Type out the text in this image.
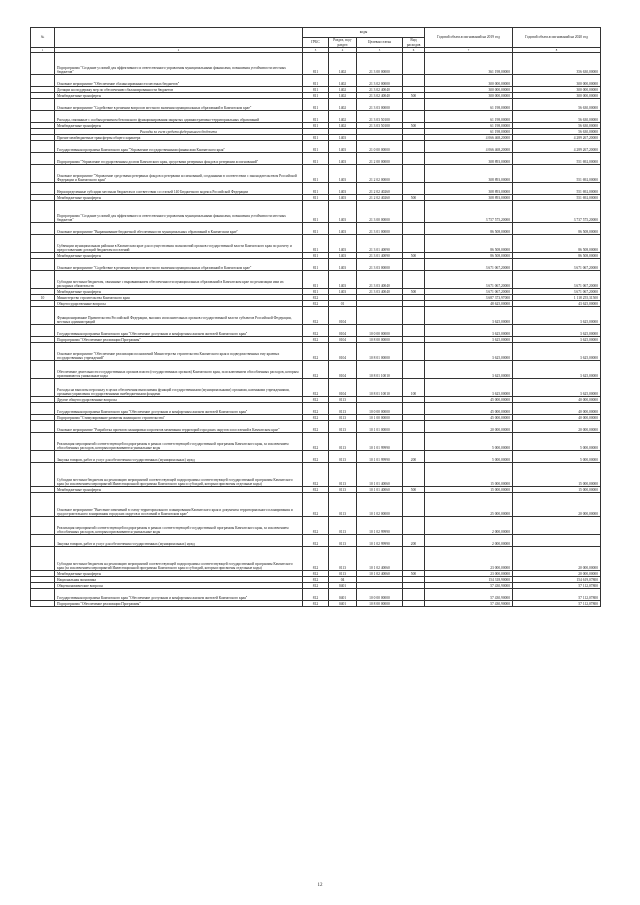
№		коды				Годовой объем ассигнований на 2019 год	Годовой объем ассигнований на 2020 год
		ГРБС	Раздел, под-раздел	Целевая статья	Вид расходов		
1	2	3	4	5	6	7	8
	Подпрограмма "Создание условий для эффективного и ответственного управления муниципальными финансами, повышения устойчивости местных бюджетов"	811	1402	21 3 00 00000		361 198,00000	356 630,00000
	Основное мероприятие "Обеспечение сбалансированности местных бюджетов"	811	1402	21 3 02 00000		300 000,00000	300 000,00000
	Дотации на поддержку мер по обеспечению сбалансированности бюджетов	811	1402	21 3 02 40040		300 000,00000	300 000,00000
	Межбюджетные трансферты	811	1402	21 3 02 40040	500	300 000,00000	300 000,00000
	Основное мероприятие "Содействие в решении вопросов местного значения муниципальных образований в Камчатском крае"	811	1402	21 3 03 00000		61 198,00000	56 630,00000
	Расходы, связанные с особым режимом безопасного функционирования закрытых административно-территориальных образований	811	1402	21 3 03 50100		61 198,00000	56 630,00000
	Межбюджетные трансферты	811	1402	21 3 03 50100	500	61 198,00000	56 630,00000
	Расходы за счет средств федерального бюджета					61 198,00000	56 630,00000
	Прочие межбюджетные трансферты общего характера	811	1403			4 066 468,20000	4 289 267,20000
	Государственная программа Камчатского края "Управление государственными финансами Камчатского края"	811	1403	21 0 00 00000		4 066 468,20000	4 289 267,20000
	Подпрограмма "Управление государственным долгом Камчатского края, средствами резервных фондов и резервами ассигнований"	811	1403	21 2 00 00000		308 893,00000	551 692,00000
	Основное мероприятие "Управление средствами резервных фондов и резервами ассигнований, созданными в соответствии с законодательством Российской Федерации и Камчатского края"	811	1403	21 2 02 00000		308 893,00000	551 692,00000
	Нераспределенные субсидии местным бюджетам в соответствии со статьей 140 Бюджетного кодекса Российской Федерации	811	1403	21 2 02 40260		308 893,00000	551 692,00000
	Межбюджетные трансферты	811	1403	21 2 02 40260	500	308 893,00000	551 692,00000
	Подпрограмма "Создание условий для эффективного и ответственного управления муниципальными финансами, повышения устойчивости местных бюджетов"	811	1403	21 3 00 00000		3 757 575,20000	3 737 575,20000
	Основное мероприятие "Выравнивание бюджетной обеспеченности муниципальных образований в Камчатском крае"	811	1403	21 3 01 00000		86 508,00000	86 508,00000
	Субвенции муниципальным районам в Камчатском крае для осуществления полномочий органов государственной власти Камчатского края по расчету и предоставлению дотаций бюджетам поселений	811	1403	21 3 01 40090		86 508,00000	86 508,00000
	Межбюджетные трансферты	811	1403	21 3 01 40090	500	86 508,00000	86 508,00000
	Основное мероприятие "Содействие в решении вопросов местного значения муниципальных образований в Камчатском крае"	811	1403	21 3 03 00000		3 671 067,20000	3 671 067,20000
	Субсидии местным бюджетам, связанные с выравниванием обеспеченности муниципальных образований в Камчатском крае по реализации ими их расходных обязательств	811	1403	21 3 03 40040		3 671 067,20000	3 671 067,20000
	Межбюджетные трансферты	811	1403	21 3 03 40040	500	3 671 067,20000	3 671 067,20000
10	Министерство строительства Камчатского края	812				3 687 373,97000	1 118 255,31500
	Общегосударственные вопросы	812	01			48 625,00000	43 625,00000
	Функционирование Правительства Российской Федерации, высших исполнительных органов государственной власти субъектов Российской Федерации, местных администраций	812	0104			3 625,00000	3 625,00000
	Государственная программа Камчатского края "Обеспечение доступным и комфортным жильем жителей Камчатского края"	812	0104	10 0 00 00000		3 625,00000	3 625,00000
	Подпрограмма "Обеспечение реализации Программы"	812	0104	10 8 00 00000		3 625,00000	3 625,00000
	Основное мероприятие "Обеспечение реализации полномочий Министерства строительства Камчатского края и подведомственных ему краевых государственных учреждений"	812	0104	10 8 01 00000		3 625,00000	3 625,00000
	Обеспечение деятельности государственных органов власти (государственных органов) Камчатского края, за исключением обособленных расходов, которым присваиваются уникальные коды	812	0104	10 8 01 10010		3 625,00000	3 625,00000
	Расходы на выплаты персоналу в целях обеспечения выполнения функций государственными (муниципальными) органами, казенными учреждениями, органами управления государственными внебюджетными фондами	812	0104	10 8 01 10010	100	3 625,00000	3 625,00000
	Другие общегосударственные вопросы	812	0113			45 000,00000	40 000,00000
	Государственная программа Камчатского края "Обеспечение доступным и комфортным жильем жителей Камчатского края"	812	0113	10 0 00 00000		45 000,00000	40 000,00000
	Подпрограмма "Стимулирование развития жилищного строительства"	812	0113	10 1 00 00000		45 000,00000	40 000,00000
	Основное мероприятие "Разработка проектов планировки и проектов межевания территорий городских округов и поселений в Камчатском крае"	812	0113	10 1 01 00000		20 000,00000	20 000,00000
	Реализация мероприятий соответствующей подпрограммы в рамках соответствующей государственной программы Камчатского края, за исключением обособленных расходов, которым присваиваются уникальные коды	812	0113	10 1 01 99990		5 000,00000	5 000,00000
	Закупка товаров, работ и услуг для обеспечения государственных (муниципальных) нужд	812	0113	10 1 01 99990	200	5 000,00000	5 000,00000
	Субсидии местным бюджетам на реализацию мероприятий соответствующей подпрограммы соответствующей государственной программы Камчатского края (за исключением мероприятий Инвестиционной программы Камчатского края и субсидий, которым присвоены отдельные коды)	812	0113	10 1 01 40060		15 000,00000	15 000,00000
	Межбюджетные трансферты	812	0113	10 1 01 40060	500	15 000,00000	15 000,00000
	Основное мероприятие "Внесение изменений в схему территориального планирования Камчатского края и документы территориального планирования и градостроительного зонирования городских округов и поселений в Камчатском крае"	812	0113	10 1 02 00000		25 000,00000	20 000,00000
	Реализация мероприятий соответствующей подпрограммы в рамках соответствующей государственной программы Камчатского края, за исключением обособленных расходов, которым присваиваются уникальные коды	812	0113	10 1 02 99990		2 000,00000	
	Закупка товаров, работ и услуг для обеспечения государственных (муниципальных) нужд	812	0113	10 1 02 99990	200	2 000,00000	
	Субсидии местным бюджетам на реализацию мероприятий соответствующей подпрограммы соответствующей государственной программы Камчатского края (за исключением мероприятий Инвестиционной программы Камчатского края и субсидий, которым присвоены отдельные коды)	812	0113	10 1 02 40060		23 000,00000	20 000,00000
	Межбюджетные трансферты	812	0113	10 1 02 40060	500	23 000,00000	20 000,00000
	Национальная экономика	812	04			154 318,90000	154 619,07800
	Общеэкономические вопросы	812	0401			57 430,90000	57 112,07800
	Государственная программа Камчатского края "Обеспечение доступным и комфортным жильем жителей Камчатского края"	812	0401	10 0 00 00000		57 430,90000	57 112,07800
	Подпрограмма "Обеспечение реализации Программы"	812	0401	10 8 00 00000		57 430,90000	57 112,07800
12
